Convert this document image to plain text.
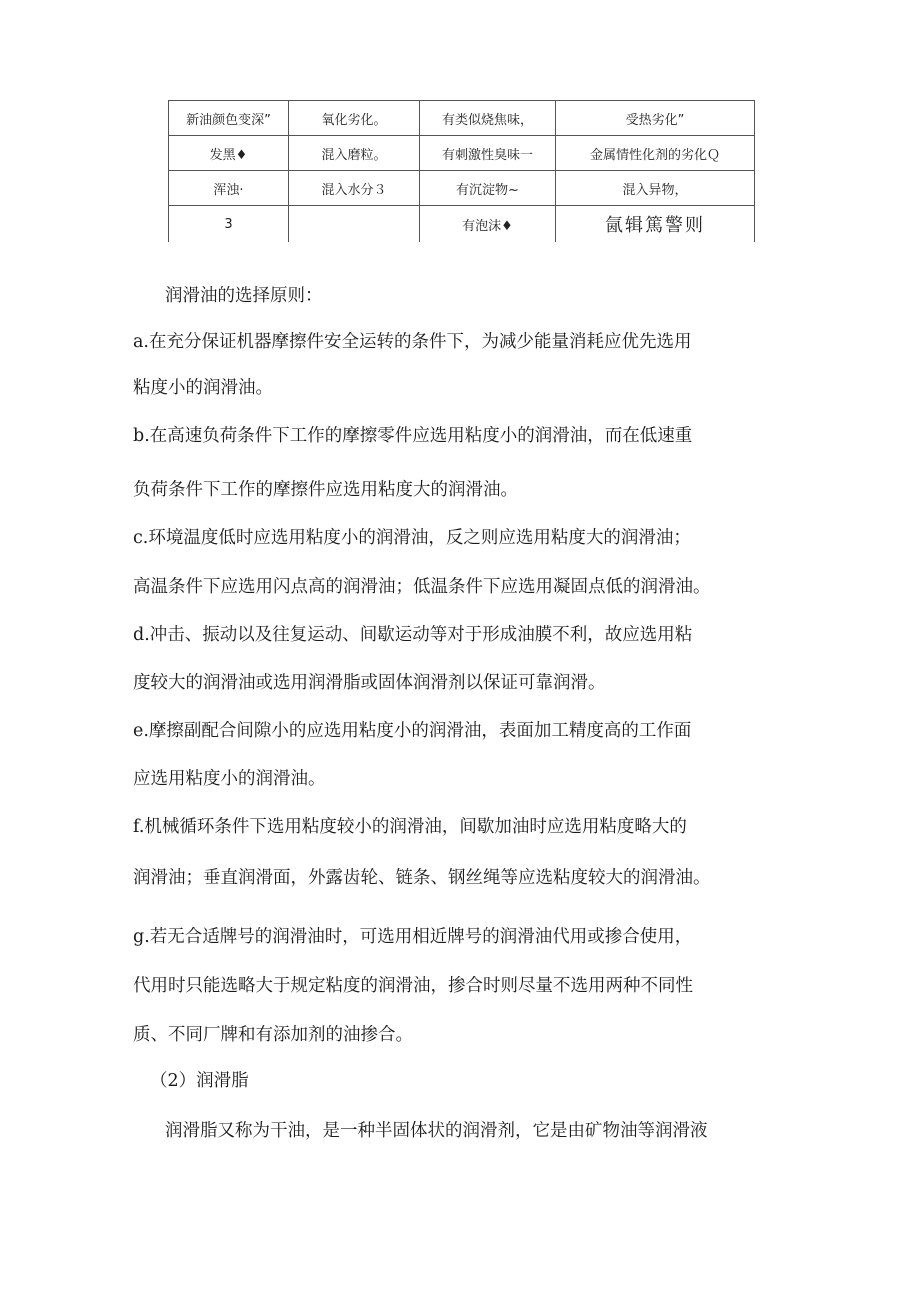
新油颜色变深”	氧化劣化。	有类似烧焦味，	受热劣化”
发黑♦	混入磨粒。	有刺激性臭味一	金属情性化剂的劣化Ｑ
浑浊·	混入水分３	有沉淀物~	混入异物，
3		有泡沫♦	氤辑篤警则
润滑油的选择原则：
a.在充分保证机器摩擦件安全运转的条件下，为减少能量消耗应优先选用
粘度小的润滑油。
b.在高速负荷条件下工作的摩擦零件应选用粘度小的润滑油，而在低速重
负荷条件下工作的摩擦件应选用粘度大的润滑油。
c.环境温度低时应选用粘度小的润滑油，反之则应选用粘度大的润滑油；
高温条件下应选用闪点高的润滑油；低温条件下应选用凝固点低的润滑油。
d.冲击、振动以及往复运动、间歇运动等对于形成油膜不利，故应选用粘
度较大的润滑油或选用润滑脂或固体润滑剂以保证可靠润滑。
e.摩擦副配合间隙小的应选用粘度小的润滑油，表面加工精度高的工作面
应选用粘度小的润滑油。
f.机械循环条件下选用粘度较小的润滑油，间歇加油时应选用粘度略大的
润滑油；垂直润滑面，外露齿轮、链条、钢丝绳等应选粘度较大的润滑油。
g.若无合适牌号的润滑油时，可选用相近牌号的润滑油代用或掺合使用，
代用时只能选略大于规定粘度的润滑油，掺合时则尽量不选用两种不同性
质、不同厂牌和有添加剂的油掺合。
（2）润滑脂
润滑脂又称为干油，是一种半固体状的润滑剂，它是由矿物油等润滑液
